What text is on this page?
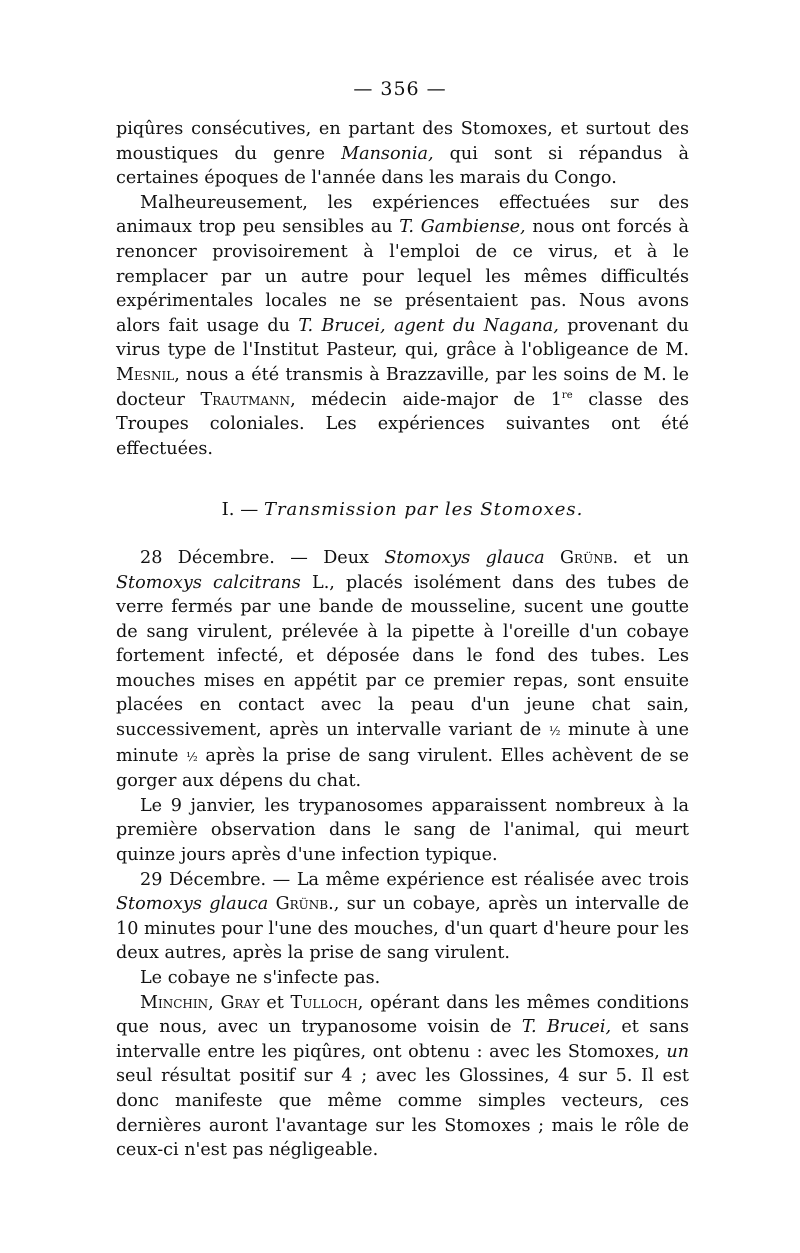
— 356 —

piqûres consécutives, en partant des Stomoxes, et surtout des moustiques du genre Mansonia, qui sont si répandus à certaines époques de l'année dans les marais du Congo.

Malheureusement, les expériences effectuées sur des animaux trop peu sensibles au T. Gambiense, nous ont forcés à renoncer provisoirement à l'emploi de ce virus, et à le remplacer par un autre pour lequel les mêmes difficultés expérimentales locales ne se présentaient pas. Nous avons alors fait usage du T. Brucei, agent du Nagana, provenant du virus type de l'Institut Pasteur, qui, grâce à l'obligeance de M. Mesnil, nous a été transmis à Brazzaville, par les soins de M. le docteur Trautmann, médecin aide-major de 1re classe des Troupes coloniales. Les expériences suivantes ont été effectuées.

I. — Transmission par les Stomoxes.

28 Décembre. — Deux Stomoxys glauca Grünb. et un Stomoxys calcitrans L., placés isolément dans des tubes de verre fermés par une bande de mousseline, sucent une goutte de sang virulent, prélevée à la pipette à l'oreille d'un cobaye fortement infecté, et déposée dans le fond des tubes. Les mouches mises en appétit par ce premier repas, sont ensuite placées en contact avec la peau d'un jeune chat sain, successivement, après un intervalle variant de ½ minute à une minute ½ après la prise de sang virulent. Elles achèvent de se gorger aux dépens du chat.

Le 9 janvier, les trypanosomes apparaissent nombreux à la première observation dans le sang de l'animal, qui meurt quinze jours après d'une infection typique.

29 Décembre. — La même expérience est réalisée avec trois Stomoxys glauca Grünb., sur un cobaye, après un intervalle de 10 minutes pour l'une des mouches, d'un quart d'heure pour les deux autres, après la prise de sang virulent.

Le cobaye ne s'infecte pas.

Minchin, Gray et Tulloch, opérant dans les mêmes conditions que nous, avec un trypanosome voisin de T. Brucei, et sans intervalle entre les piqûres, ont obtenu : avec les Stomoxes, un seul résultat positif sur 4 ; avec les Glossines, 4 sur 5. Il est donc manifeste que même comme simples vecteurs, ces dernières auront l'avantage sur les Stomoxes ; mais le rôle de ceux-ci n'est pas négligeable.
